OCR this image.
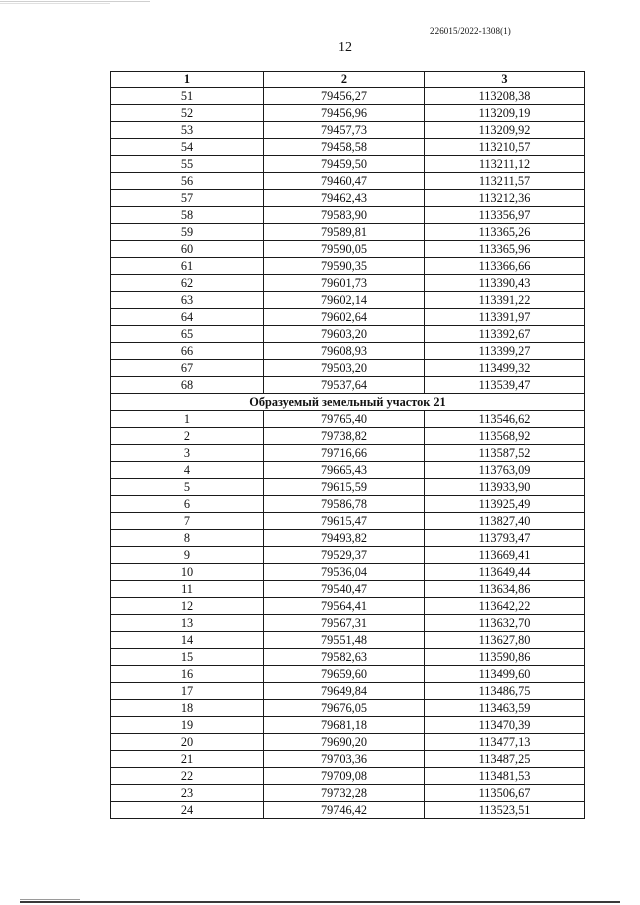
226015/2022-1308(1)
12
1	2	3
51	79456,27	113208,38
52	79456,96	113209,19
53	79457,73	113209,92
54	79458,58	113210,57
55	79459,50	113211,12
56	79460,47	113211,57
57	79462,43	113212,36
58	79583,90	113356,97
59	79589,81	113365,26
60	79590,05	113365,96
61	79590,35	113366,66
62	79601,73	113390,43
63	79602,14	113391,22
64	79602,64	113391,97
65	79603,20	113392,67
66	79608,93	113399,27
67	79503,20	113499,32
68	79537,64	113539,47
Образуемый земельный участок 21		
1	79765,40	113546,62
2	79738,82	113568,92
3	79716,66	113587,52
4	79665,43	113763,09
5	79615,59	113933,90
6	79586,78	113925,49
7	79615,47	113827,40
8	79493,82	113793,47
9	79529,37	113669,41
10	79536,04	113649,44
11	79540,47	113634,86
12	79564,41	113642,22
13	79567,31	113632,70
14	79551,48	113627,80
15	79582,63	113590,86
16	79659,60	113499,60
17	79649,84	113486,75
18	79676,05	113463,59
19	79681,18	113470,39
20	79690,20	113477,13
21	79703,36	113487,25
22	79709,08	113481,53
23	79732,28	113506,67
24	79746,42	113523,51
